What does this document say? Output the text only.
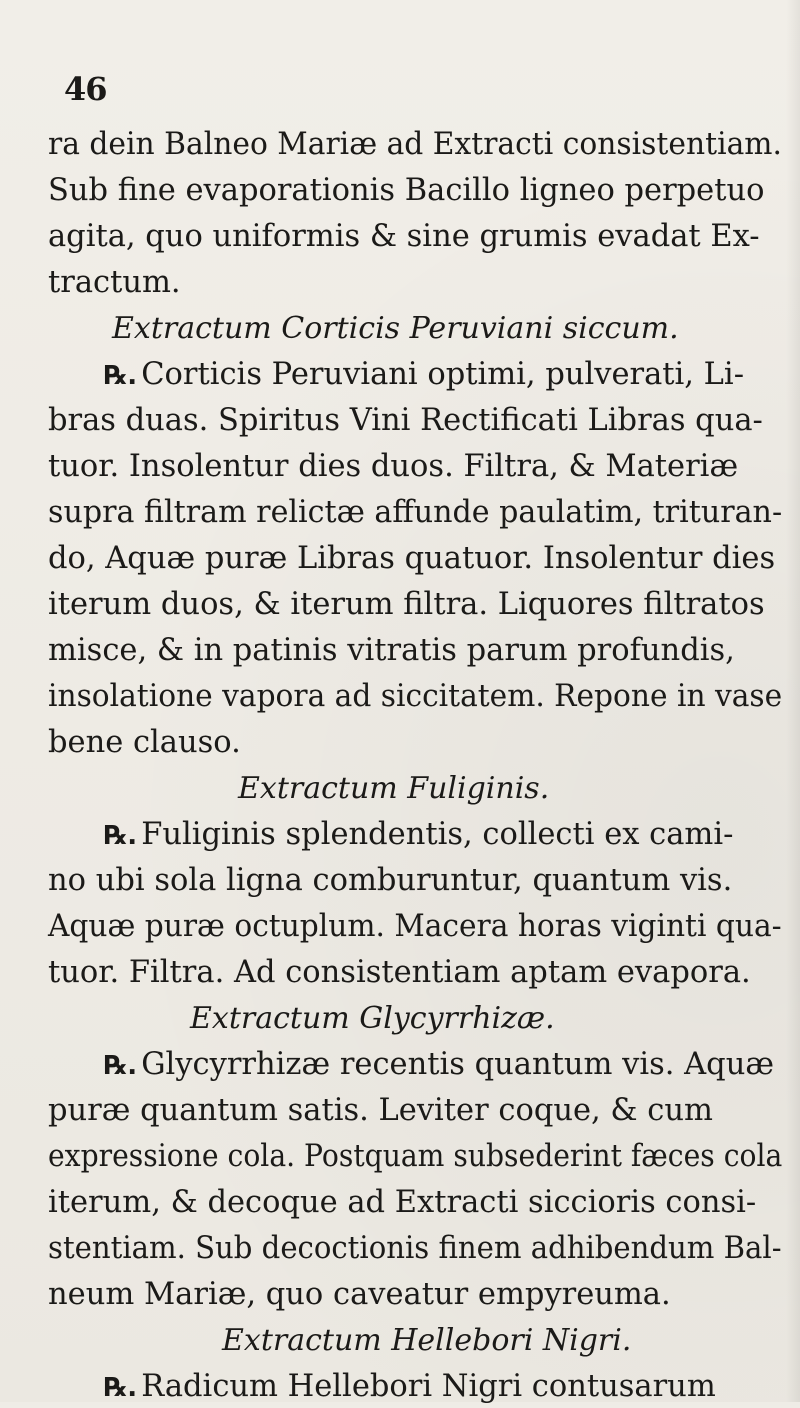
46
ra dein Balneo Mariæ ad Extracti consistentiam.
Sub fine evaporationis Bacillo ligneo perpetuo
agita, quo uniformis & sine grumis evadat Ex-
tractum.
Extractum Corticis Peruviani siccum.
℞. Corticis Peruviani optimi, pulverati, Li-
bras duas. Spiritus Vini Rectificati Libras qua-
tuor. Insolentur dies duos. Filtra, & Materiæ
supra filtram relictæ affunde paulatim, trituran-
do, Aquæ puræ Libras quatuor. Insolentur dies
iterum duos, & iterum filtra. Liquores filtratos
misce, & in patinis vitratis parum profundis,
insolatione vapora ad siccitatem. Repone in vase
bene clauso.
Extractum Fuliginis.
℞. Fuliginis splendentis, collecti ex cami-
no ubi sola ligna comburuntur, quantum vis.
Aquæ puræ octuplum. Macera horas viginti qua-
tuor. Filtra. Ad consistentiam aptam evapora.
Extractum Glycyrrhizæ.
℞. Glycyrrhizæ recentis quantum vis. Aquæ
puræ quantum satis. Leviter coque, & cum
expressione cola. Postquam subsederint fæces cola
iterum, & decoque ad Extracti siccioris consi-
stentiam. Sub decoctionis finem adhibendum Bal-
neum Mariæ, quo caveatur empyreuma.
Extractum Hellebori Nigri.
℞. Radicum Hellebori Nigri contusarum
